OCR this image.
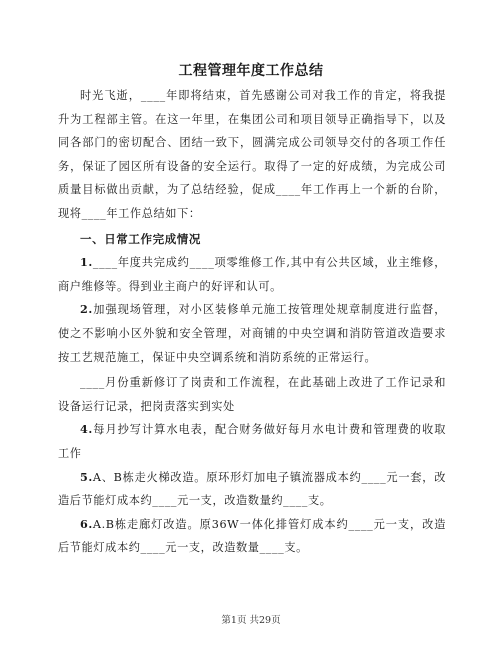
工程管理年度工作总结

时光飞逝，____年即将结束，首先感谢公司对我工作的肯定，将我提升为工程部主管。在这一年里，在集团公司和项目领导正确指导下，以及同各部门的密切配合、团结一致下，圆满完成公司领导交付的各项工作任务，保证了园区所有设备的安全运行。取得了一定的好成绩，为完成公司质量目标做出贡献，为了总结经验，促成____年工作再上一个新的台阶，现将____年工作总结如下：

一、日常工作完成情况

1.____年度共完成约____项零维修工作,其中有公共区域，业主维修，商户维修等。得到业主商户的好评和认可。

2.加强现场管理，对小区装修单元施工按管理处规章制度进行监督，使之不影响小区外貌和安全管理，对商铺的中央空调和消防管道改造要求按工艺规范施工，保证中央空调系统和消防系统的正常运行。

____月份重新修订了岗责和工作流程，在此基础上改进了工作记录和设备运行记录，把岗责落实到实处

4.每月抄写计算水电表，配合财务做好每月水电计费和管理费的收取工作

5.A、B栋走火梯改造。原环形灯加电子镇流器成本约____元一套，改造后节能灯成本约____元一支，改造数量约____支。

6.A.B栋走廊灯改造。原36W一体化排管灯成本约____元一支，改造后节能灯成本约____元一支，改造数量____支。

第1页 共29页
